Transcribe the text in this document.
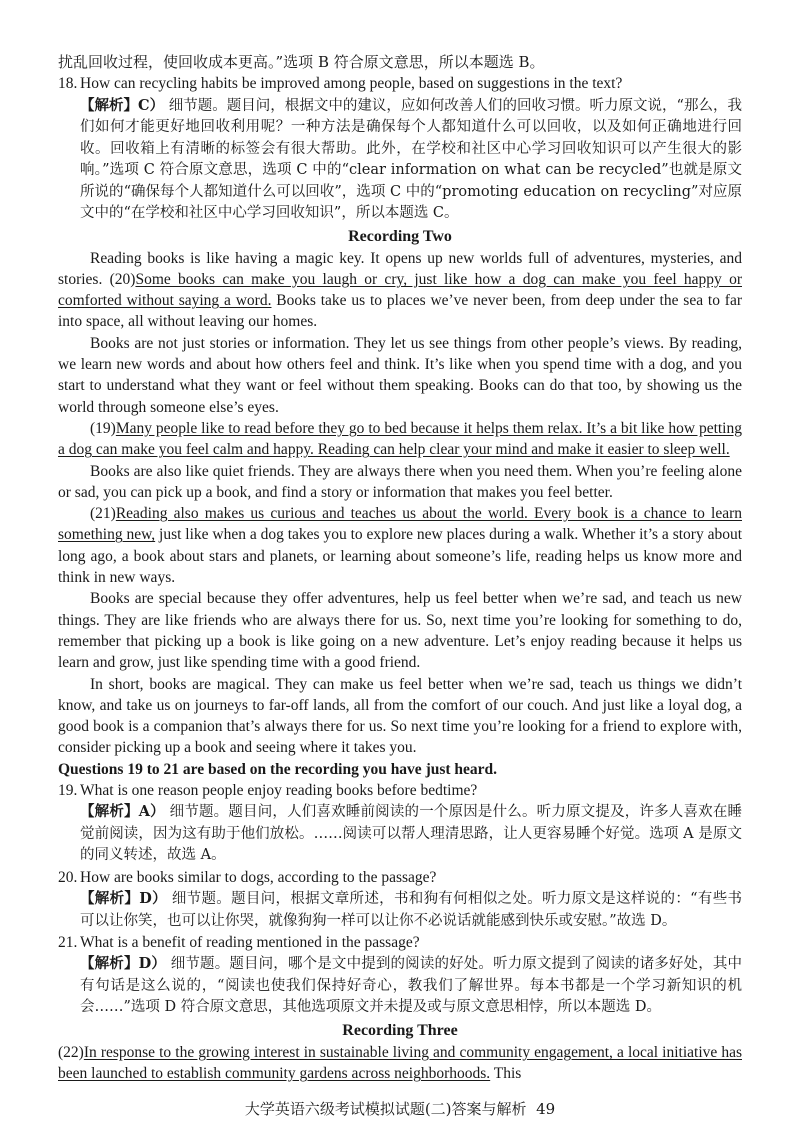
扰乱回收过程，使回收成本更高。”选项 B 符合原文意思，所以本题选 B。
18. How can recycling habits be improved among people, based on suggestions in the text?
【解析】C） 细节题。题目问，根据文中的建议，应如何改善人们的回收习惯。听力原文说，“那么，我们如何才能更好地回收利用呢？一种方法是确保每个人都知道什么可以回收，以及如何正确地进行回收。回收箱上有清晰的标签会有很大帮助。此外，在学校和社区中心学习回收知识可以产生很大的影响。”选项 C 符合原文意思，选项 C 中的“clear information on what can be recycled”也就是原文所说的“确保每个人都知道什么可以回收”，选项 C 中的“promoting education on recycling”对应原文中的“在学校和社区中心学习回收知识”，所以本题选 C。
Recording Two
Reading books is like having a magic key. It opens up new worlds full of adventures, mysteries, and stories. (20)Some books can make you laugh or cry, just like how a dog can make you feel happy or comforted without saying a word. Books take us to places we’ve never been, from deep under the sea to far into space, all without leaving our homes.
Books are not just stories or information. They let us see things from other people’s views. By reading, we learn new words and about how others feel and think. It’s like when you spend time with a dog, and you start to understand what they want or feel without them speaking. Books can do that too, by showing us the world through someone else’s eyes.
(19)Many people like to read before they go to bed because it helps them relax. It’s a bit like how petting a dog can make you feel calm and happy. Reading can help clear your mind and make it easier to sleep well.
Books are also like quiet friends. They are always there when you need them. When you’re feeling alone or sad, you can pick up a book, and find a story or information that makes you feel better.
(21)Reading also makes us curious and teaches us about the world. Every book is a chance to learn something new, just like when a dog takes you to explore new places during a walk. Whether it’s a story about long ago, a book about stars and planets, or learning about someone’s life, reading helps us know more and think in new ways.
Books are special because they offer adventures, help us feel better when we’re sad, and teach us new things. They are like friends who are always there for us. So, next time you’re looking for something to do, remember that picking up a book is like going on a new adventure. Let’s enjoy reading because it helps us learn and grow, just like spending time with a good friend.
In short, books are magical. They can make us feel better when we’re sad, teach us things we didn’t know, and take us on journeys to far-off lands, all from the comfort of our couch. And just like a loyal dog, a good book is a companion that’s always there for us. So next time you’re looking for a friend to explore with, consider picking up a book and seeing where it takes you.
Questions 19 to 21 are based on the recording you have just heard.
19. What is one reason people enjoy reading books before bedtime?
【解析】A） 细节题。题目问，人们喜欢睡前阅读的一个原因是什么。听力原文提及，许多人喜欢在睡觉前阅读，因为这有助于他们放松。……阅读可以帮人理清思路，让人更容易睡个好觉。选项 A 是原文的同义转述，故选 A。
20. How are books similar to dogs, according to the passage?
【解析】D） 细节题。题目问，根据文章所述，书和狗有何相似之处。听力原文是这样说的：“有些书可以让你笑，也可以让你哭，就像狗狗一样可以让你不必说话就能感到快乐或安慰。”故选 D。
21. What is a benefit of reading mentioned in the passage?
【解析】D） 细节题。题目问，哪个是文中提到的阅读的好处。听力原文提到了阅读的诸多好处，其中有句话是这么说的，“阅读也使我们保持好奇心，教我们了解世界。每本书都是一个学习新知识的机会……”选项 D 符合原文意思，其他选项原文并未提及或与原文意思相悖，所以本题选 D。
Recording Three
(22)In response to the growing interest in sustainable living and community engagement, a local initiative has been launched to establish community gardens across neighborhoods. This
大学英语六级考试模拟试题(二)答案与解析 49
